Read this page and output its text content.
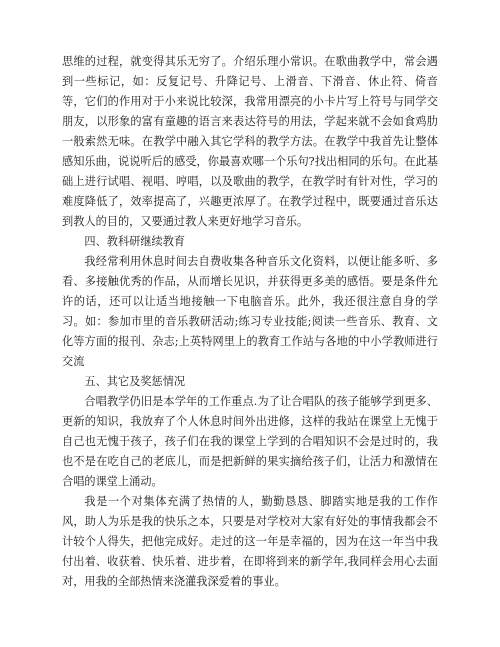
思维的过程，就变得其乐无穷了。介绍乐理小常识。在歌曲教学中，常会遇到一些标记，如：反复记号、升降记号、上滑音、下滑音、休止符、倚音等，它们的作用对于小来说比较深，我常用漂亮的小卡片写上符号与同学交朋友，以形象的富有童趣的语言来表达符号的用法，学起来就不会如食鸡肋一般索然无味。在教学中融入其它学科的教学方法。在教学中我首先让整体感知乐曲，说说听后的感受，你最喜欢哪一个乐句?找出相同的乐句。在此基础上进行试唱、视唱、哼唱，以及歌曲的教学，在教学时有针对性，学习的难度降低了，效率提高了，兴趣更浓厚了。在教学过程中，既要通过音乐达到教人的目的，又要通过教人来更好地学习音乐。

四、教科研继续教育

我经常利用休息时间去自费收集各种音乐文化资料，以便让能多听、多看、多接触优秀的作品，从而增长见识，并获得更多美的感悟。要是条件允许的话，还可以让适当地接触一下电脑音乐。此外，我还很注意自身的学习。如：参加市里的音乐教研活动;练习专业技能;阅读一些音乐、教育、文化等方面的报刊、杂志;上英特网里上的教育工作站与各地的中小学教师进行交流

五、其它及奖惩情况

合唱教学仍旧是本学年的工作重点.为了让合唱队的孩子能够学到更多、更新的知识，我放弃了个人休息时间外出进修，这样的我站在课堂上无愧于自己也无愧于孩子，孩子们在我的课堂上学到的合唱知识不会是过时的，我也不是在吃自己的老底儿，而是把新鲜的果实摘给孩子们，让活力和激情在合唱的课堂上涌动。

我是一个对集体充满了热情的人，勤勤恳恳、脚踏实地是我的工作作风，助人为乐是我的快乐之本，只要是对学校对大家有好处的事情我都会不计较个人得失，把他完成好。走过的这一年是幸福的，因为在这一年当中我付出着、收获着、快乐着、进步着，在即将到来的新学年,我同样会用心去面对，用我的全部热情来浇灌我深爱着的事业。
